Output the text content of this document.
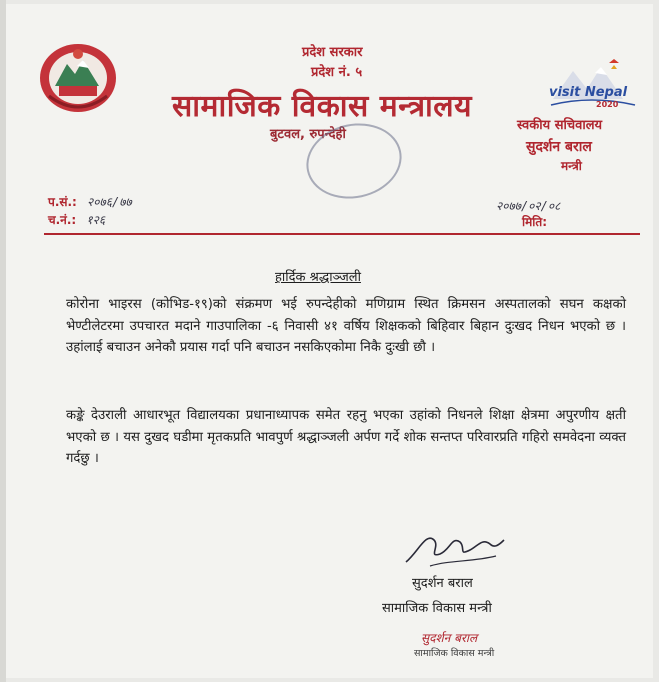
प्रदेश सरकार
प्रदेश नं. ५
सामाजिक विकास मन्त्रालय
बुटवल, रुपन्देही
visit Nepal
2020
स्वकीय सचिवालय
सुदर्शन बराल
मन्त्री
प.सं.: २०७६/७७
च.नं.: १२६
२०७७/०२/०८
मिति:
हार्दिक श्रद्धाञ्जली
कोरोना भाइरस (कोभिड-१९)को संक्रमण भई रुपन्देहीको मणिग्राम स्थित क्रिमसन अस्पतालको सघन कक्षको भेण्टीलेटरमा उपचारत मदाने गाउपालिका -६ निवासी ४१ वर्षिय शिक्षकको बिहिवार बिहान दुःखद निधन भएको छ । उहांलाई बचाउन अनेकौ प्रयास गर्दा पनि बचाउन नसकिएकोमा निकै दुःखी छौ ।
कङ्के देउराली आधारभूत विद्यालयका प्रधानाध्यापक समेत रहनु भएका उहांको निधनले शिक्षा क्षेत्रमा अपुरणीय क्षती भएको छ । यस दुखद घडीमा मृतकप्रति भावपुर्ण श्रद्धाञ्जली अर्पण गर्दे शोक सन्तप्त परिवारप्रति गहिरो समवेदना व्यक्त गर्दछु ।
सुदर्शन बराल
सामाजिक विकास मन्त्री
सुदर्शन बराल
सामाजिक विकास मन्त्री
